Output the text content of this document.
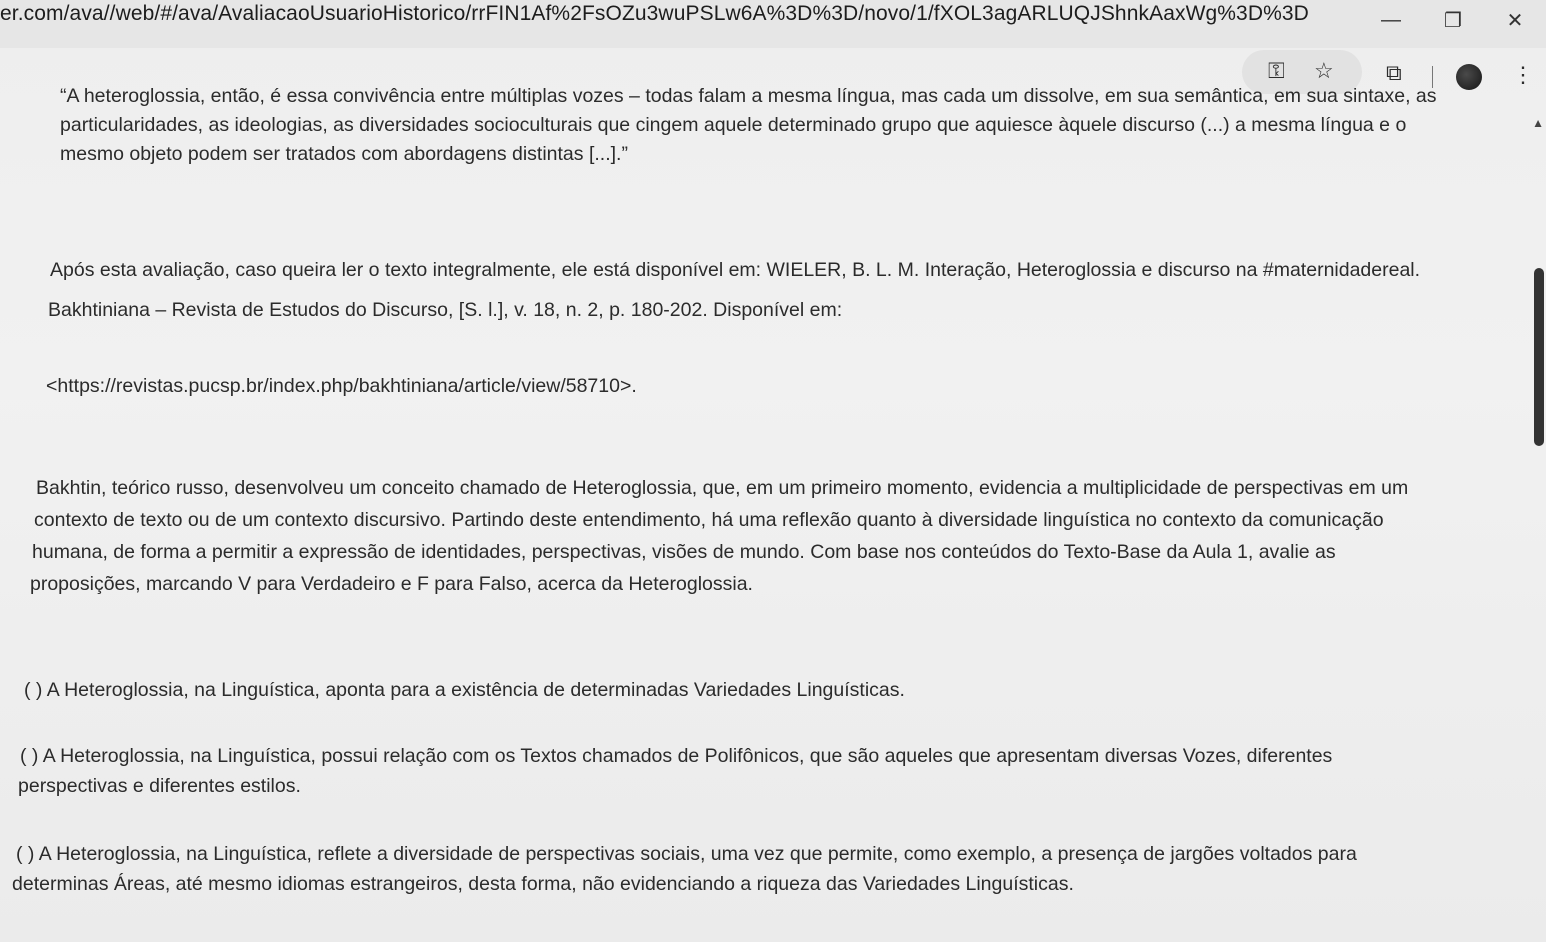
er.com/ava//web/#/ava/AvaliacaoUsuarioHistorico/rrFIN1Af%2FsOZu3wuPSLw6A%3D%3D/novo/1/fXOL3agARLUQJShnkAaxWg%3D%3D	—	❐	✕
⚿ ☆ ⧉	⋮
“A heteroglossia, então, é essa convivência entre múltiplas vozes – todas falam a mesma língua, mas cada um dissolve, em sua semântica, em sua sintaxe, as
particularidades, as ideologias, as diversidades socioculturais que cingem aquele determinado grupo que aquiesce àquele discurso (...) a mesma língua e o
mesmo objeto podem ser tratados com abordagens distintas [...].”
Após esta avaliação, caso queira ler o texto integralmente, ele está disponível em: WIELER, B. L. M. Interação, Heteroglossia e discurso na #maternidadereal.
Bakhtiniana – Revista de Estudos do Discurso, [S. l.], v. 18, n. 2, p. 180-202. Disponível em:
<https://revistas.pucsp.br/index.php/bakhtiniana/article/view/58710>.
Bakhtin, teórico russo, desenvolveu um conceito chamado de Heteroglossia, que, em um primeiro momento, evidencia a multiplicidade de perspectivas em um
contexto de texto ou de um contexto discursivo. Partindo deste entendimento, há uma reflexão quanto à diversidade linguística no contexto da comunicação
humana, de forma a permitir a expressão de identidades, perspectivas, visões de mundo. Com base nos conteúdos do Texto-Base da Aula 1, avalie as
proposições, marcando V para Verdadeiro e F para Falso, acerca da Heteroglossia.
( ) A Heteroglossia, na Linguística, aponta para a existência de determinadas Variedades Linguísticas.
( ) A Heteroglossia, na Linguística, possui relação com os Textos chamados de Polifônicos, que são aqueles que apresentam diversas Vozes, diferentes
perspectivas e diferentes estilos.
( ) A Heteroglossia, na Linguística, reflete a diversidade de perspectivas sociais, uma vez que permite, como exemplo, a presença de jargões voltados para
determinas Áreas, até mesmo idiomas estrangeiros, desta forma, não evidenciando a riqueza das Variedades Linguísticas.
▲
